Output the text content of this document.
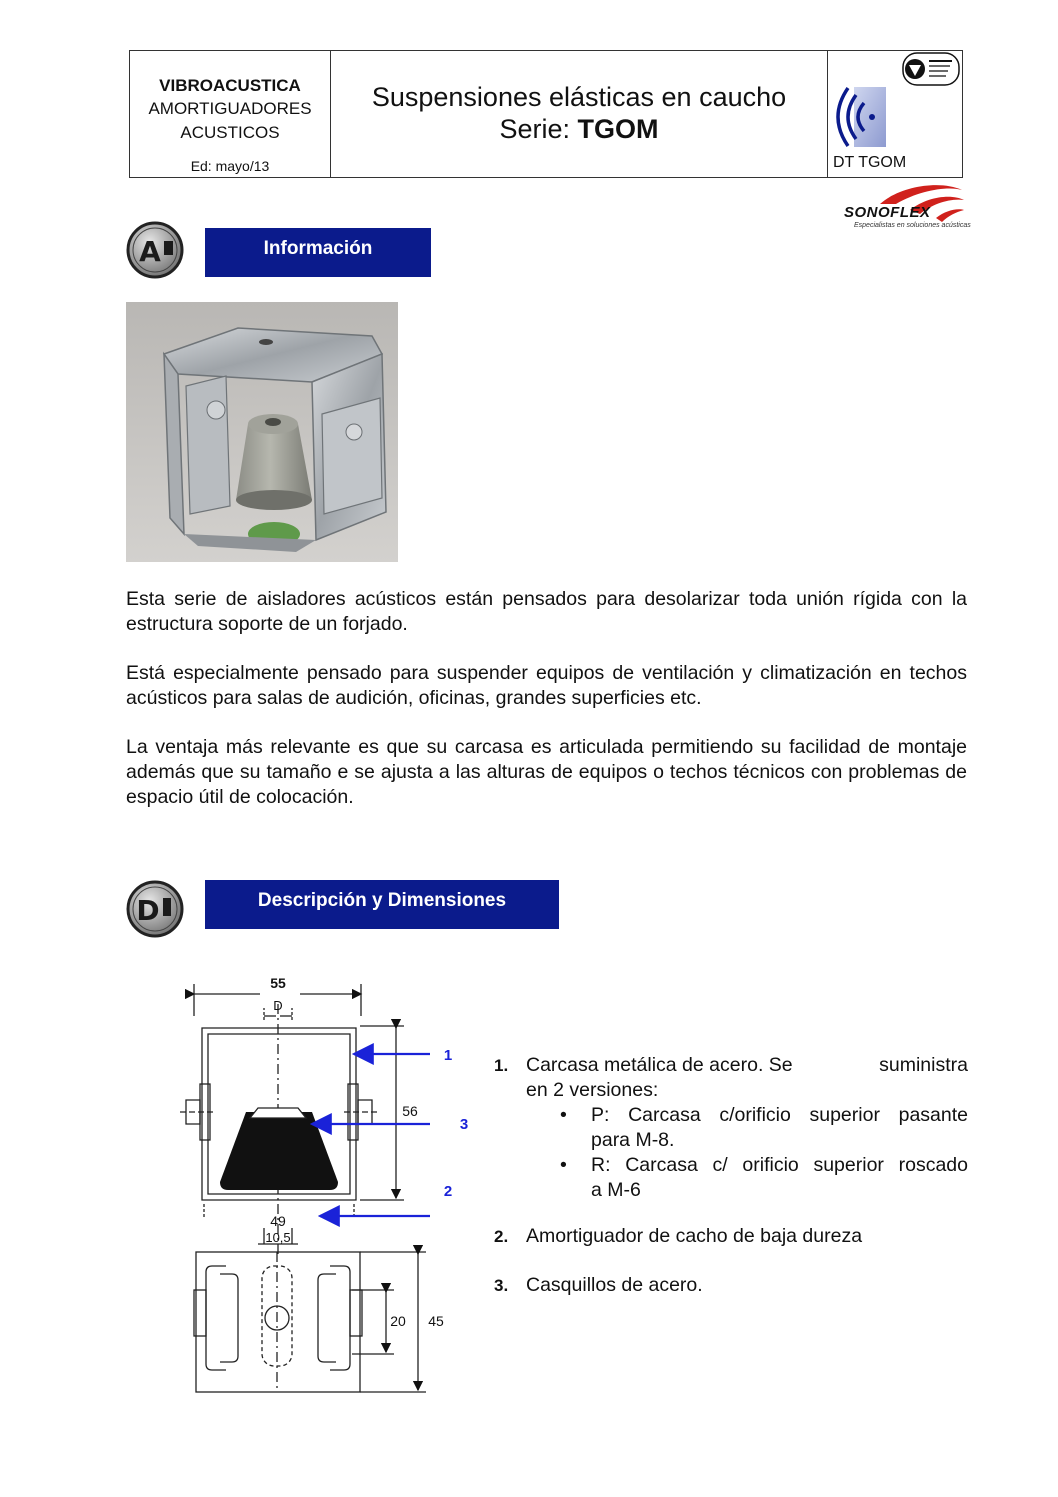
VIBROACUSTICA
AMORTIGUADORES
ACUSTICOS
Ed: mayo/13
Suspensiones elásticas en caucho
Serie: TGOM
DT TGOM
SONOFLEX
Especialistas en soluciones acústicas
A	Información
Esta serie de aisladores acústicos están pensados para desolarizar toda unión rígida con la estructura soporte de un forjado.
Está especialmente pensado para suspender equipos de ventilación y climatización en techos acústicos para salas de audición, oficinas, grandes superficies etc.
La ventaja más relevante es que su carcasa es articulada permitiendo su facilidad de montaje además que su tamaño e se ajusta a las alturas de equipos o techos técnicos con problemas de espacio útil de colocación.
D	Descripción y Dimensiones
55
D
56
49
10,5
20 45
1
3
2
1. Carcasa metálica de acero. Se	suministra
en 2 versiones:
• P: Carcasa c/orificio superior pasante
para M-8.
• R: Carcasa c/ orificio superior roscado
a M-6
2. Amortiguador de cacho de baja dureza
3. Casquillos de acero.
